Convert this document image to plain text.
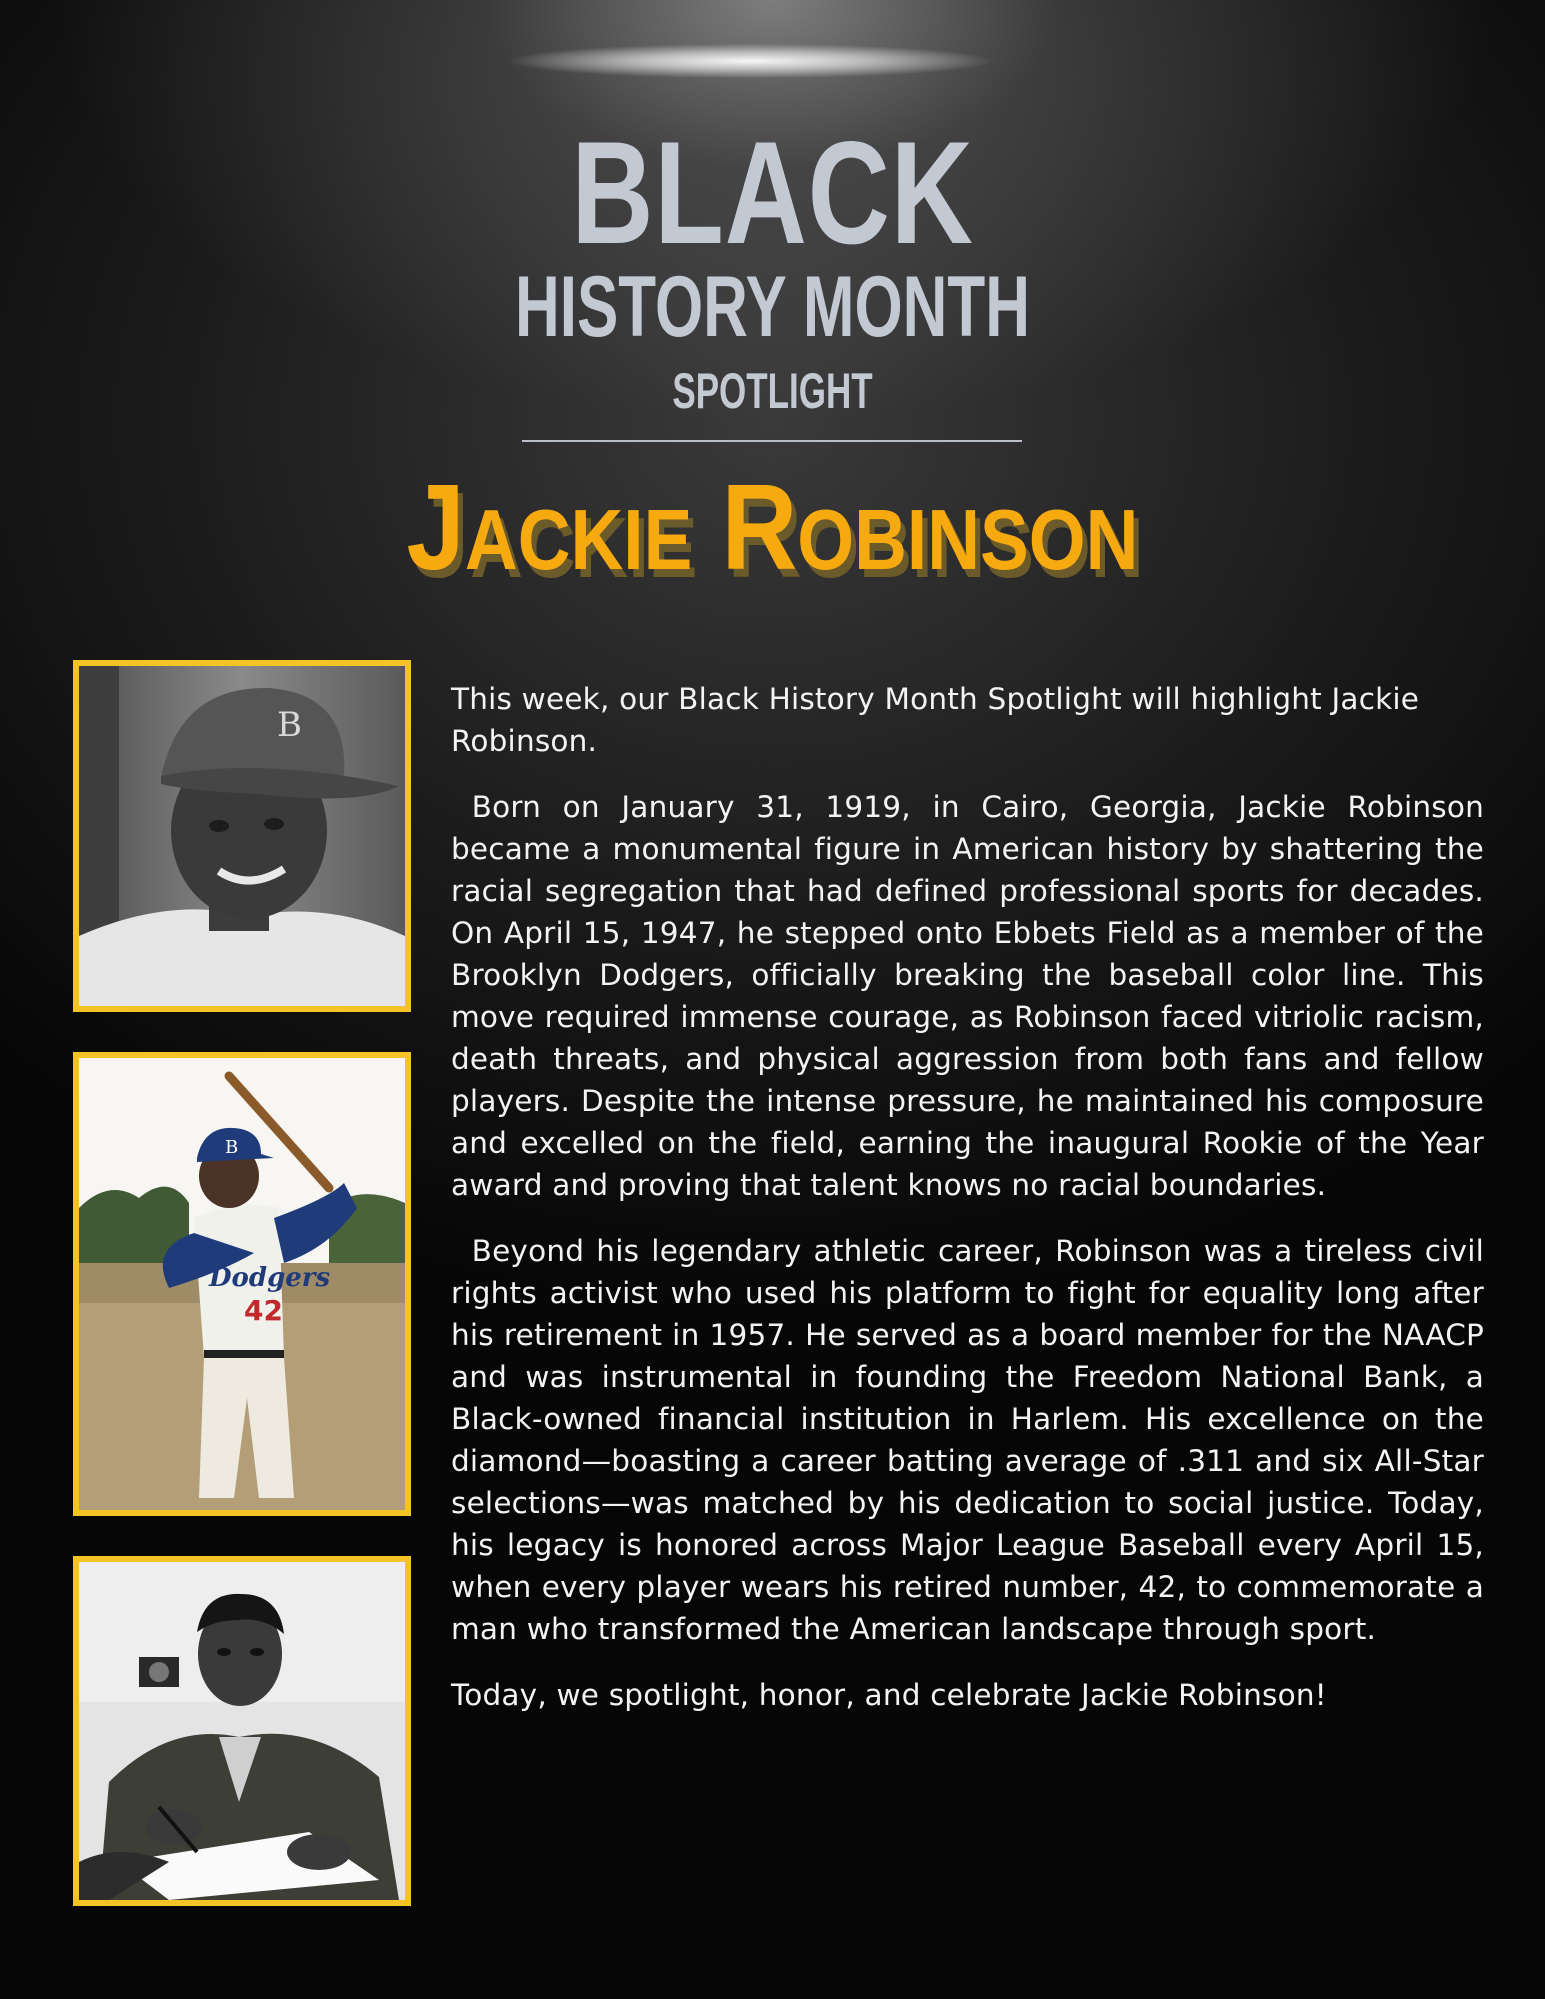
BLACK
HISTORY MONTH
SPOTLIGHT
Jackie Robinson
B
B
Dodgers
42

This week, our Black History Month Spotlight will highlight Jackie Robinson.

Born on January 31, 1919, in Cairo, Georgia, Jackie Robinson became a monumental figure in American history by shattering the racial segregation that had defined professional sports for decades. On April 15, 1947, he stepped onto Ebbets Field as a member of the Brooklyn Dodgers, officially breaking the baseball color line. This move required immense courage, as Robinson faced vitriolic racism, death threats, and physical aggression from both fans and fellow players. Despite the intense pressure, he maintained his composure and excelled on the field, earning the inaugural Rookie of the Year award and proving that talent knows no racial boundaries.

Beyond his legendary athletic career, Robinson was a tireless civil rights activist who used his platform to fight for equality long after his retirement in 1957. He served as a board member for the NAACP and was instrumental in founding the Freedom National Bank, a Black-owned financial institution in Harlem. His excellence on the diamond—boasting a career batting average of .311 and six All-Star selections—was matched by his dedication to social justice. Today, his legacy is honored across Major League Baseball every April 15, when every player wears his retired number, 42, to commemorate a man who transformed the American landscape through sport.

Today, we spotlight, honor, and celebrate Jackie Robinson!
